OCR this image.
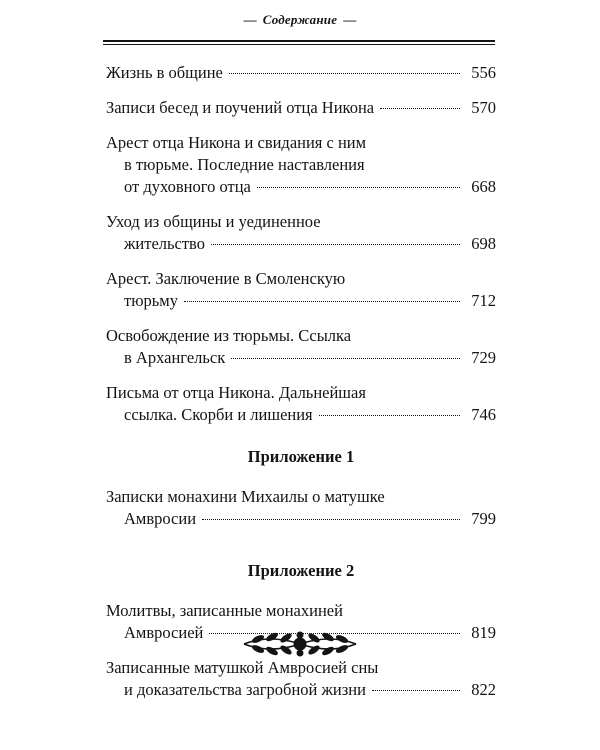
— Содержание —
Жизнь в общине	556
Записи бесед и поучений отца Никона	570
Арест отца Никона и свидания с ним
в тюрьме. Последние наставления
от духовного отца	668
Уход из общины и уединенное
жительство	698
Арест. Заключение в Смоленскую
тюрьму	712
Освобождение из тюрьмы. Ссылка
в Архангельск	729
Письма от отца Никона. Дальнейшая
ссылка. Скорби и лишения	746
Приложение 1
Записки монахини Михаилы о матушке
Амвросии	799
Приложение 2
Молитвы, записанные монахиней
Амвросией	819
Записанные матушкой Амвросией сны
и доказательства загробной жизни	822
